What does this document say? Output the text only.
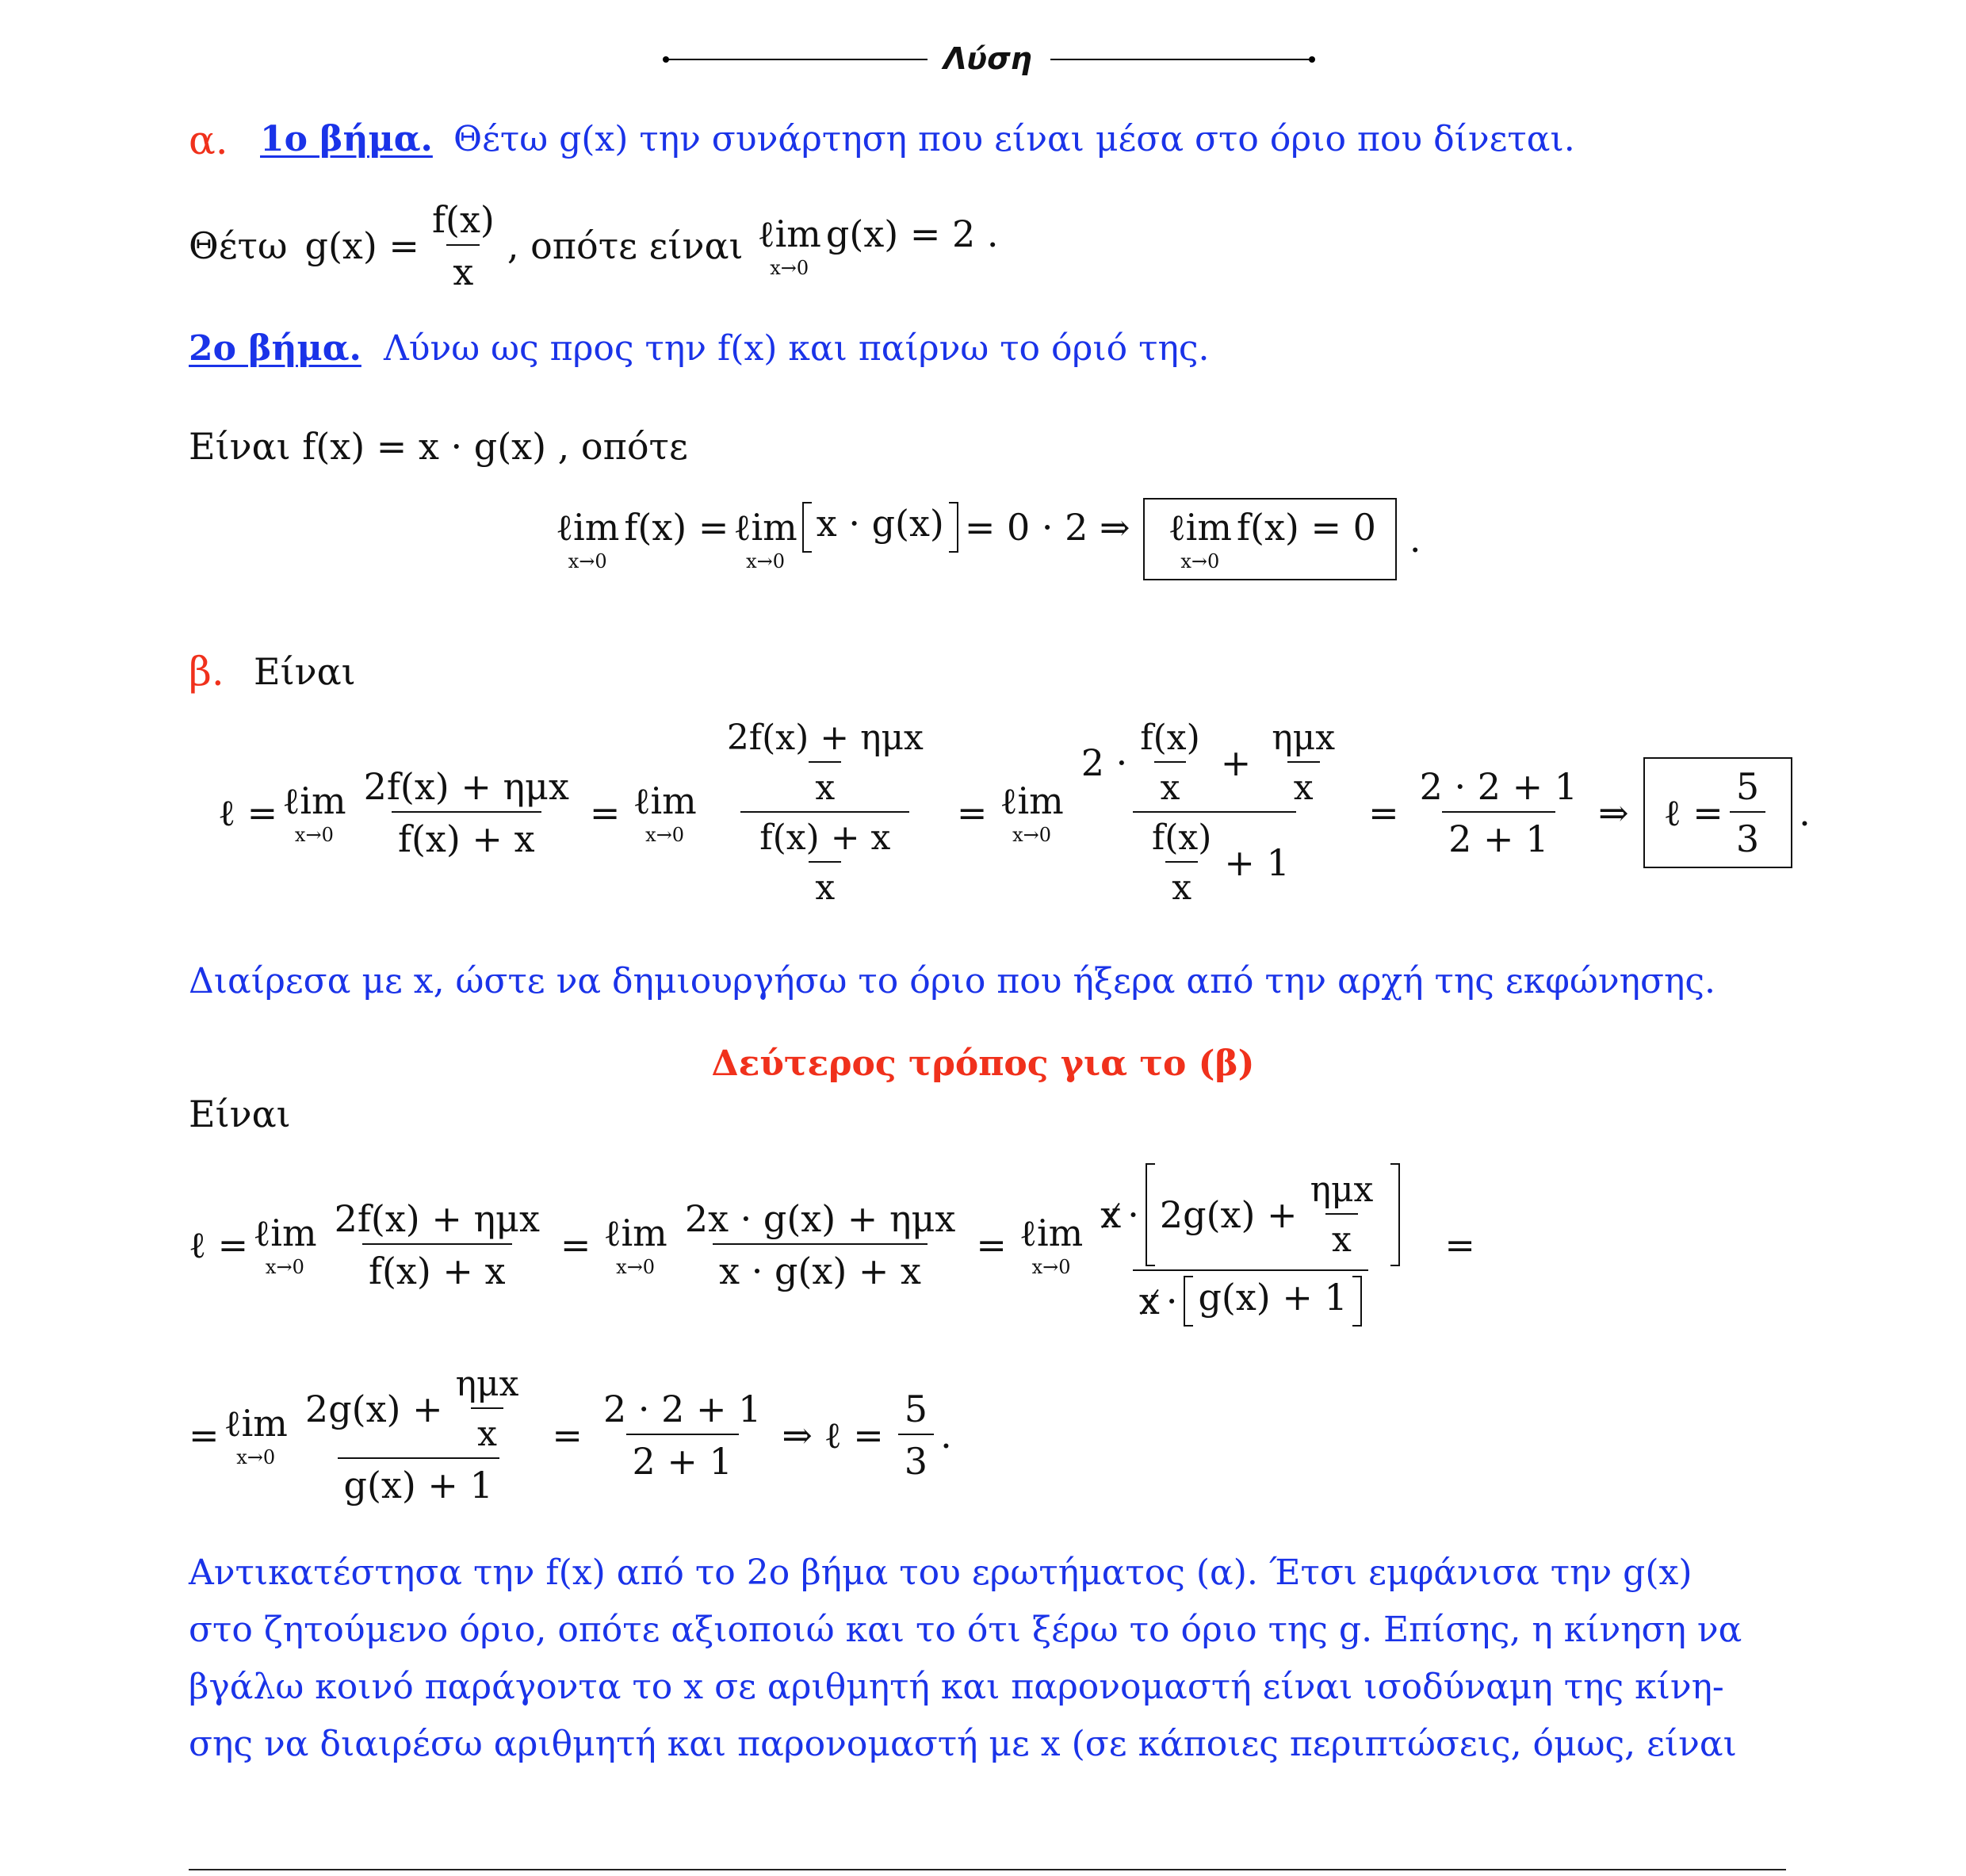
Λύση
α. 1ο βήμα. Θέτω g(x) την συνάρτηση που είναι μέσα στο όριο που δίνεται.
Θέτω $g(x) = \frac{f(x)}{x}$ , οπότε είναι ℓim
x→0
g(x) = 2 .
2ο βήμα. Λύνω ως προς την f(x) και παίρνω το όριό της.
Είναι f(x) = x · g(x) , οπότε
ℓim
x→0
f(x) = ℓim
x→0
x · g(x) = 0 · 2 ⇒ ℓim
x→0
f(x) = 0 .
β. Είναι
ℓ = ℓim
$x\to 0 \frac{\text{2f(x) + ημx}}{f(x) + x}$ = ℓim
$x\to 0 \frac{\frac{\text{2f(x) + ημx}}{x}}{\frac{f(x) + x}{x}}$ = ℓim
x→0
$2 \cdot \frac{f(x)}{x} + \frac{\text{ημx}}{x}$
$\frac{f(x)}{x} + 1$
= $\frac{2 \cdot 2 + 1}{2 + 1}$ ⇒ ℓ = $\frac{5}{3}$ .
Διαίρεσα με x, ώστε να δημιουργήσω το όριο που ήξερα από την αρχή της εκφώνησης.
Δεύτερος τρόπος για το (β)
Είναι
ℓ = ℓim
$x\to 0 \frac{\text{2f(x) + ημx}}{f(x) + x}$ = ℓim
$x\to 0 \frac{\text{2x · g(x) + ημx}}{x \cdot g(x) + x}$ = ℓim
x→0
$x \cdot 2g(x) + \frac{\text{ημx}}{x}$
x · g(x) + 1
=
= ℓim
$x\to 0 \frac{2g(x) + \frac{\text{ημx}}{x}}{g(x) + 1} = \frac{2 \cdot 2 + 1}{2 + 1}$ ⇒ ℓ = $\frac{5}{3}$ .
Αντικατέστησα την f(x) από το 2ο βήμα του ερωτήματος (α). Έτσι εμφάνισα την g(x)
στο ζητούμενο όριο, οπότε αξιοποιώ και το ότι ξέρω το όριο της g. Επίσης, η κίνηση να
βγάλω κοινό παράγοντα το x σε αριθμητή και παρονομαστή είναι ισοδύναμη της κίνη-
σης να διαιρέσω αριθμητή και παρονομαστή με x (σε κάποιες περιπτώσεις, όμως, είναι
